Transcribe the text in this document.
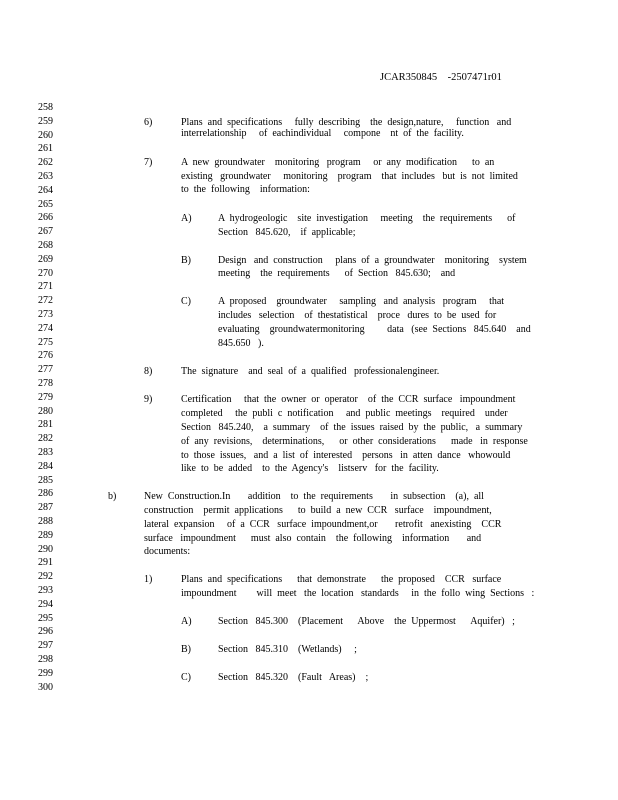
JCAR350845    -2507471r01
258
259
260
261
262
263
264
265
266
267
268
269
270
271
272
273
274
275
276
277
278
279
280
281
282
283
284
285
286
287
288
289
290
291
292
293
294
295
296
297
298
299
300
6)	Plans  and  specifications     fully  describing    the  design,nature,     function   and
interrelationship     of  eachindividual     compone    nt  of  the  facility.
7)	A  new  groundwater    monitoring   program     or  any  modification      to  an
existing   groundwater     monitoring    program    that  includes   but  is  not  limited
to  the  following    information:
A)	A  hydrogeologic    site  investigation     meeting    the  requirements      of
Section   845.620,    if  applicable;
B)	Design   and  construction     plans  of  a  groundwater    monitoring    system
meeting    the  requirements      of  Section   845.630;    and
C)	A  proposed    groundwater     sampling   and  analysis   program     that
includes   selection    of  thestatistical    proce   dures  to  be  used  for
evaluating    groundwatermonitoring         data   (see  Sections   845.640    and
845.650   ).
8)	The  signature    and  seal  of  a  qualified   professionalengineer.
9)	Certification     that  the  owner  or  operator    of  the  CCR  surface   impoundment
completed     the  publi  c  notification     and  public  meetings    required    under
Section   845.240,    a  summary    of  the  issues  raised  by  the  public,   a  summary
of  any  revisions,    determinations,      or  other  considerations      made   in  response
to  those  issues,   and  a  list  of  interested    persons   in  atten  dance   whowould
like  to  be  added    to  the  Agency's    listserv   for  the  facility.
b)	New  Construction.In       addition    to  the  requirements       in  subsection    (a),  all
construction    permit  applications      to  build  a  new  CCR   surface    impoundment,
lateral  expansion     of  a  CCR   surface  impoundment,or       retrofit   anexisting    CCR
surface   impoundment      must  also  contain    the  following    information       and
documents:
1)	Plans  and  specifications      that  demonstrate      the  proposed    CCR   surface
impoundment        will  meet   the  location   standards     in  the  follo  wing  Sections   :
A)	Section   845.300    (Placement      Above    the  Uppermost      Aquifer)   ;
B)	Section   845.310    (Wetlands)     ;
C)	Section   845.320    (Fault   Areas)    ;
